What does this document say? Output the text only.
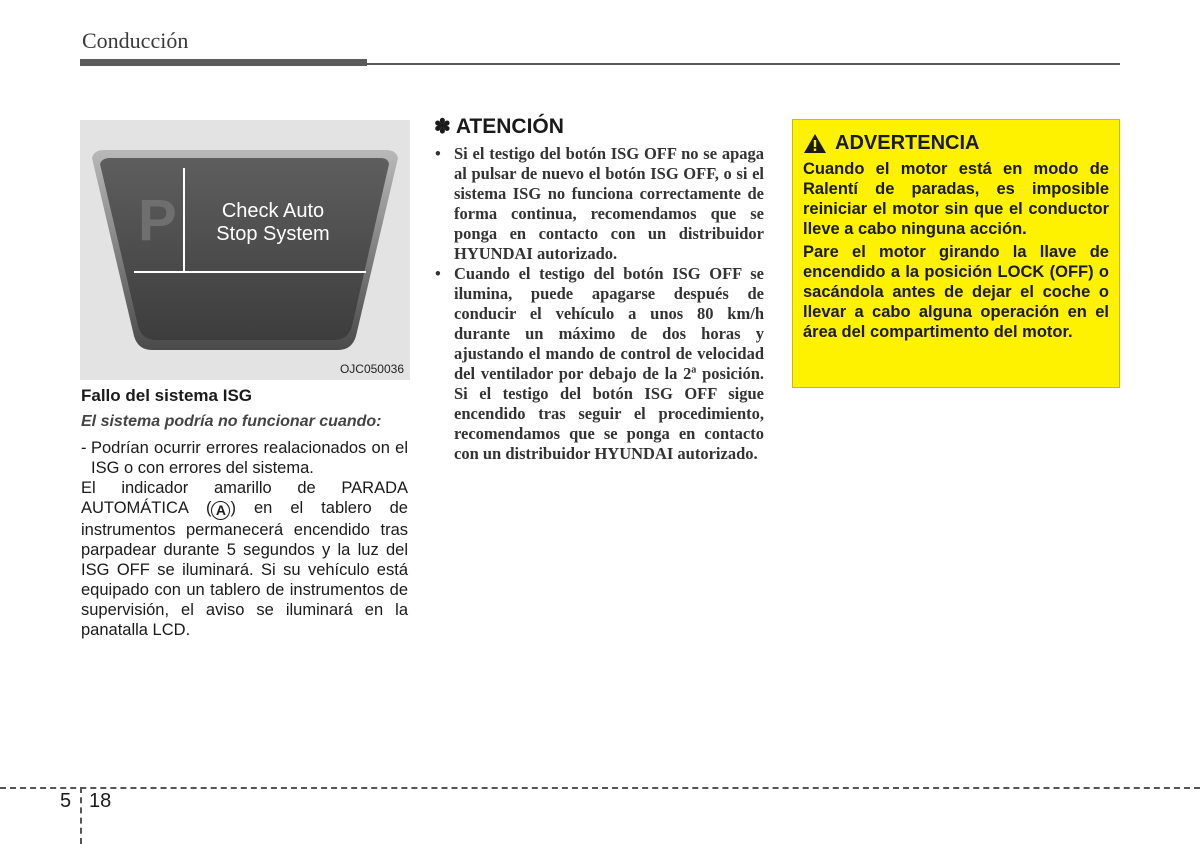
Conducción
P Check Auto
Stop System
OJC050036

Fallo del sistema ISG

El sistema podría no funcionar cuando:

- Podrían ocurrir errores realacionados on el ISG o con errores del sistema.

El indicador amarillo de PARADA AUTOMÁTICA ( A ) en el tablero de instrumentos permanecerá encendido tras parpadear durante 5 segundos y la luz del ISG OFF se iluminará. Si su vehículo está equipado con un tablero de instrumentos de supervisión, el aviso se iluminará en la panatalla LCD.

✽ ATENCIÓN
• Si el testigo del botón ISG OFF no se apaga al pulsar de nuevo el botón ISG OFF, o si el sistema ISG no funciona correctamente de forma continua, recomendamos que se ponga en contacto con un distribuidor HYUNDAI autorizado.
• Cuando el testigo del botón ISG OFF se ilumina, puede apagarse después de conducir el vehículo a unos 80 km/h durante un máximo de dos horas y ajustando el mando de control de velocidad del ventilador por debajo de la 2ª posición. Si el testigo del botón ISG OFF sigue encendido tras seguir el procedimiento, recomendamos que se ponga en contacto con un distribuidor HYUNDAI autorizado.
ADVERTENCIA

Cuando el motor está en modo de Ralentí de paradas, es imposible reiniciar el motor sin que el conductor lleve a cabo ninguna acción.

Pare el motor girando la llave de encendido a la posición LOCK (OFF) o sacándola antes de dejar el coche o llevar a cabo alguna operación en el área del compartimento del motor.

5 18
